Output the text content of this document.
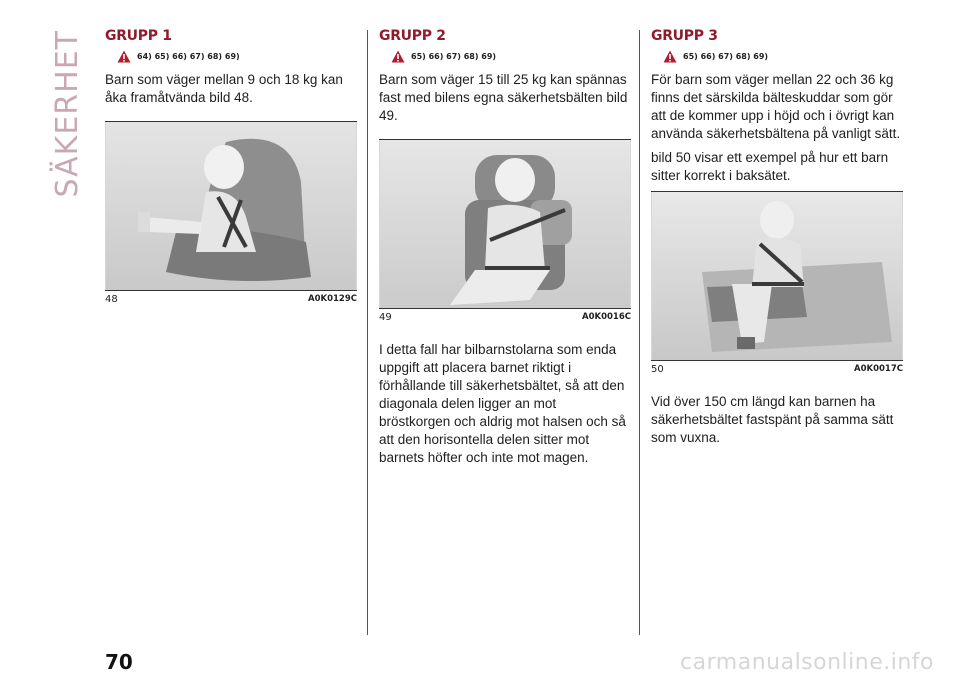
SÄKERHET GRUPP 1
64) 65) 66) 67) 68) 69)

Barn som väger mellan 9 och 18 kg kan åka framåtvända bild 48.

48	A0K0129C
GRUPP 2
65) 66) 67) 68) 69)

Barn som väger 15 till 25 kg kan spännas fast med bilens egna säkerhetsbälten bild 49.

49	A0K0016C

I detta fall har bilbarnstolarna som enda uppgift att placera barnet riktigt i förhållande till säkerhetsbältet, så att den diagonala delen ligger an mot bröstkorgen och aldrig mot halsen och så att den horisontella delen sitter mot barnets höfter och inte mot magen.

GRUPP 3
65) 66) 67) 68) 69)

För barn som väger mellan 22 och 36 kg finns det särskilda bälteskuddar som gör att de kommer upp i höjd och i övrigt kan använda säkerhetsbältena på vanligt sätt.

bild 50 visar ett exempel på hur ett barn sitter korrekt i baksätet.

50	A0K0017C

Vid över 150 cm längd kan barnen ha säkerhetsbältet fastspänt på samma sätt som vuxna.

70	carmanualsonline.info
